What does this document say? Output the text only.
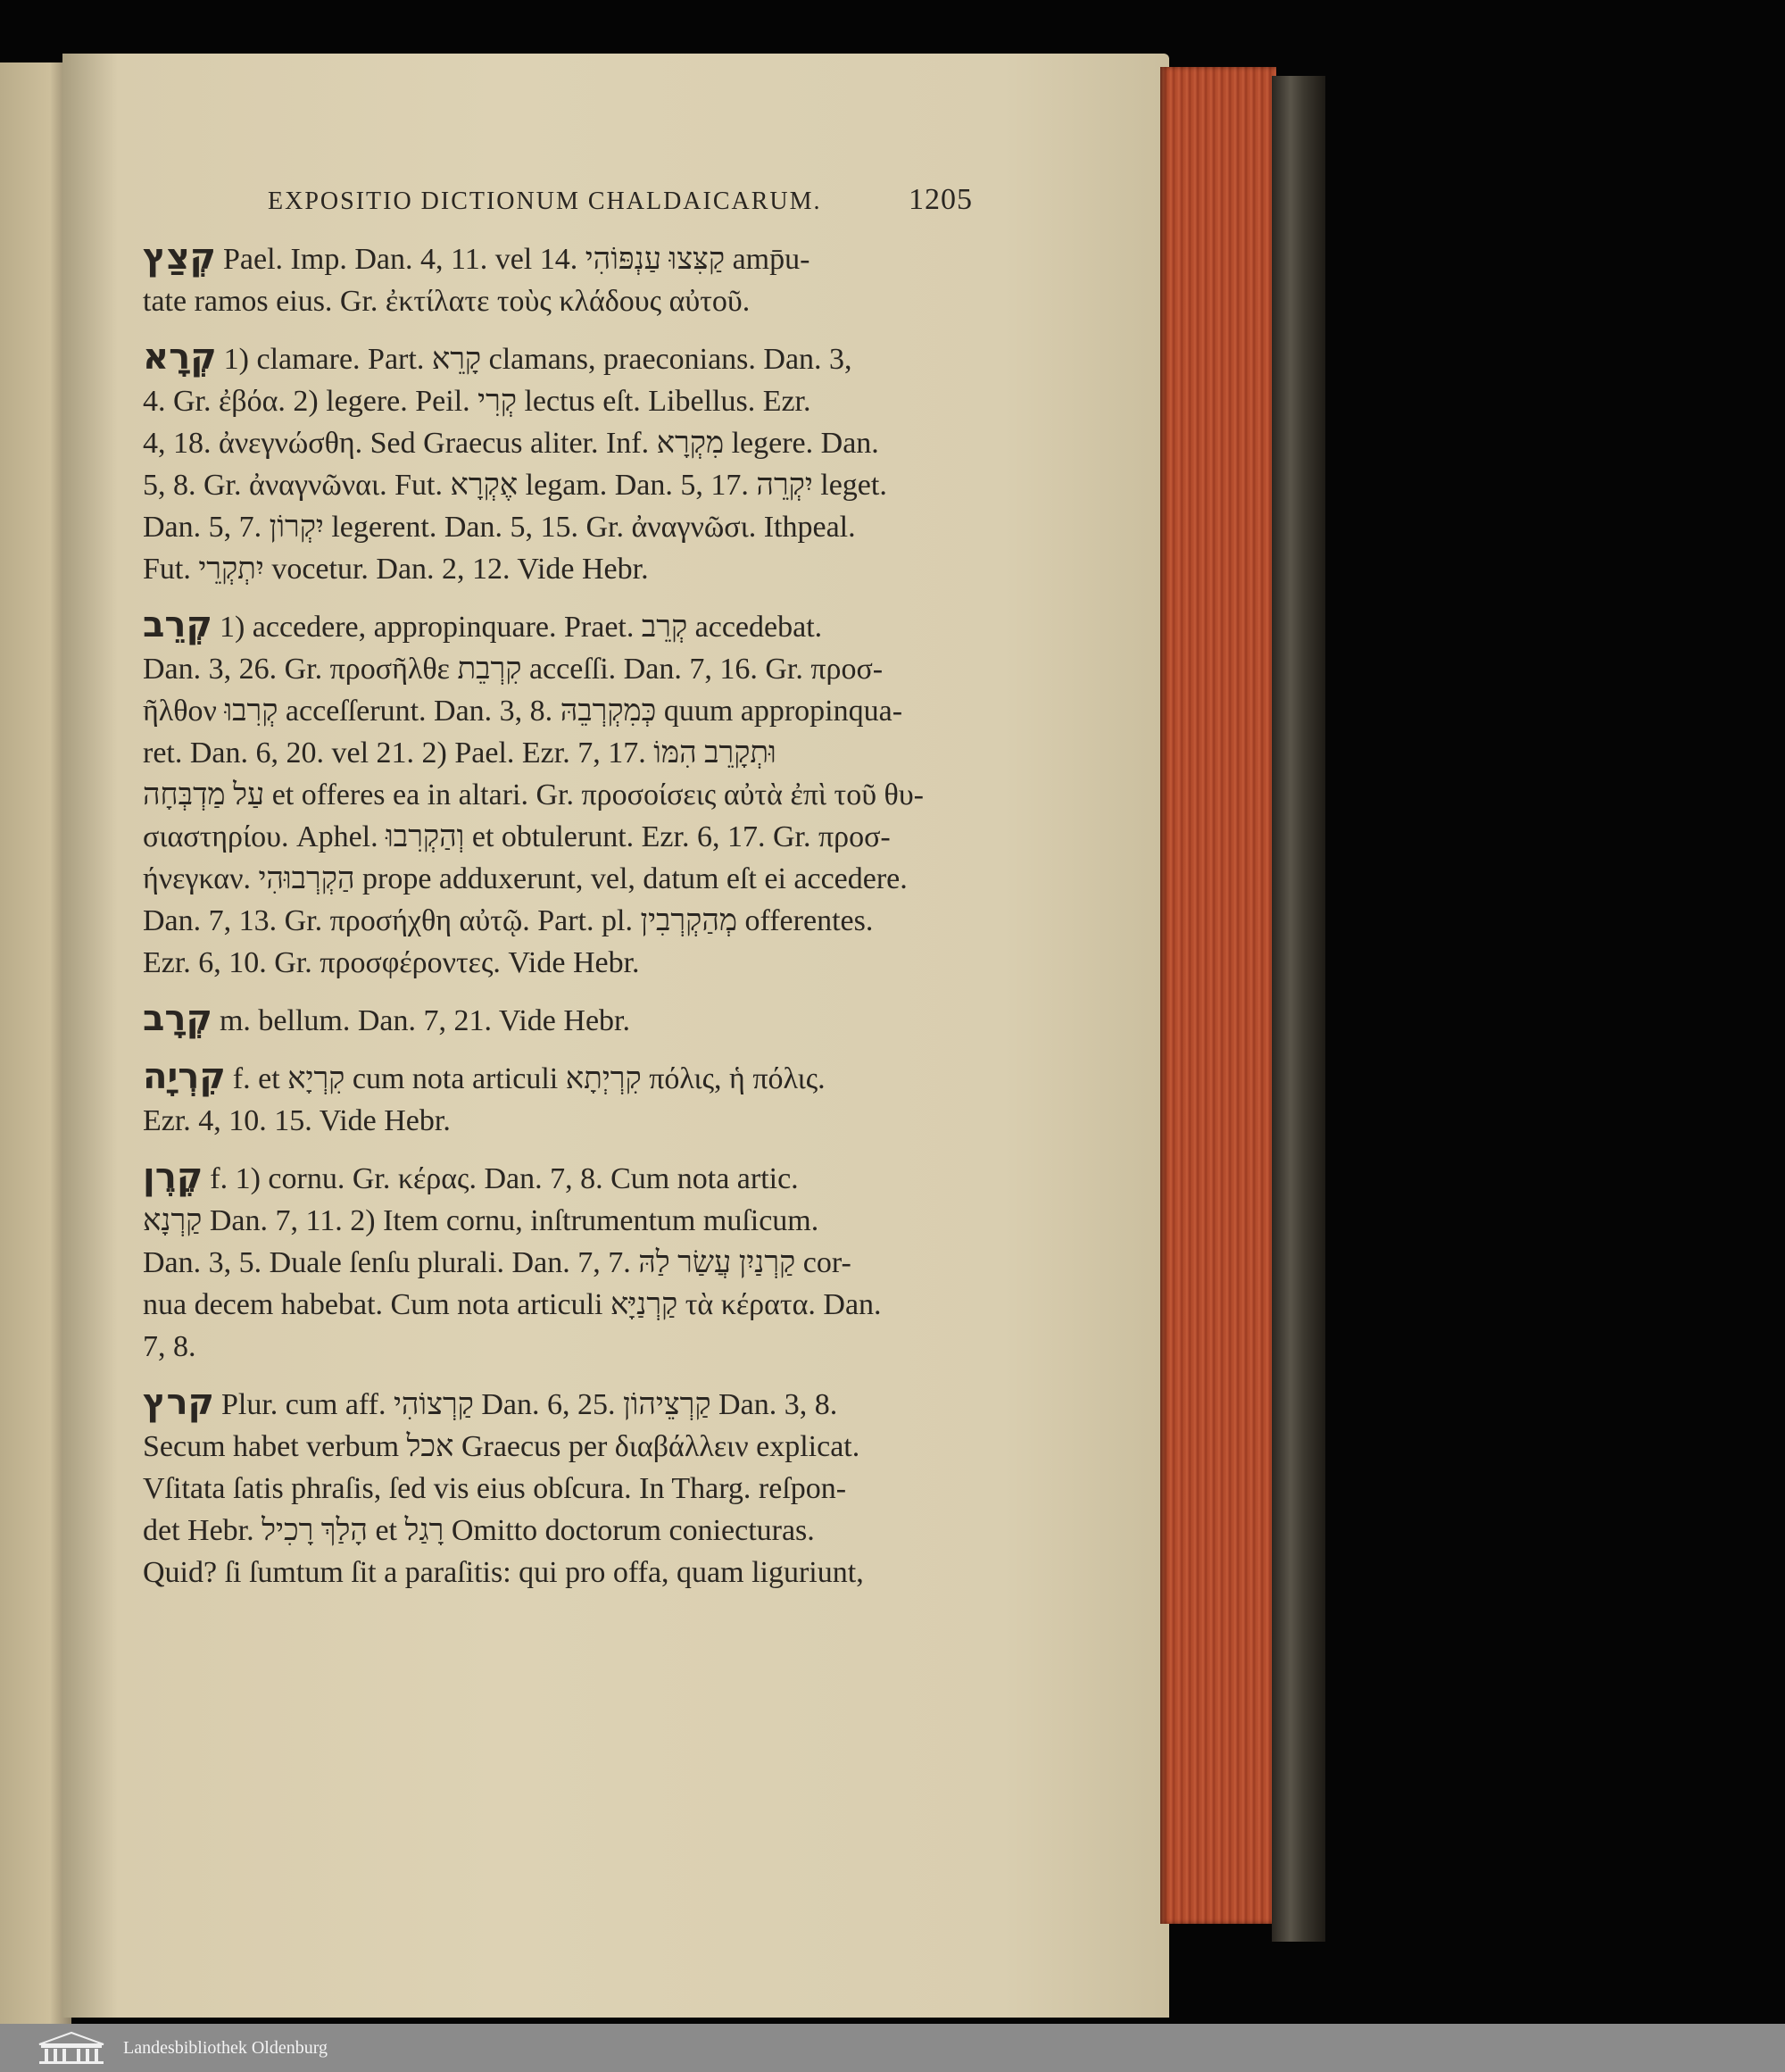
EXPOSITIO DICTIONUM CHALDAICARUM.	1205
קְצַץ Pael. Imp. Dan. 4, 11. vel 14. קַצִּצוּ עַנְפּוֹהִי amp̄u-
tate ramos eius. Gr. ἐκτίλατε τοὺς κλάδους αὐτοῦ.
קְרָא 1) clamare. Part. קָרֵא clamans, praeconians. Dan. 3,
4. Gr. ἐβόα. 2) legere. Peil. קְרִי lectus eſt. Libellus. Ezr.
4, 18. ἀνεγνώσθη. Sed Graecus aliter. Inf. מִקְרָא legere. Dan.
5, 8. Gr. ἀναγνῶναι. Fut. אֶקְרָא legam. Dan. 5, 17. יִקְרֵה leget.
Dan. 5, 7. יִקְרוֹן legerent. Dan. 5, 15. Gr. ἀναγνῶσι. Ithpeal.
Fut. יִתְקְרֵי vocetur. Dan. 2, 12. Vide Hebr.
קְרֵב 1) accedere, appropinquare. Praet. קְרֵב accedebat.
Dan. 3, 26. Gr. προσῆλθε קִרְבֵת acceſſi. Dan. 7, 16. Gr. προσ-
ῆλθον קְרִבוּ acceſſerunt. Dan. 3, 8. כְּמִקְרְבֵהּ quum appropinqua-
ret. Dan. 6, 20. vel 21. 2) Pael. Ezr. 7, 17. וּתְקָרֵב הִמּוֹ
עַל מַדְבְּחָה et offeres ea in altari. Gr. προσοίσεις αὐτὰ ἐπὶ τοῦ θυ-
σιαστηρίου. Aphel. וְהַקְרִבוּ et obtulerunt. Ezr. 6, 17. Gr. προσ-
ήνεγκαν. הַקְרְבוּהִי prope adduxerunt, vel, datum eſt ei accedere.
Dan. 7, 13. Gr. προσήχθη αὐτῷ. Part. pl. מְהַקְרְבִין offerentes.
Ezr. 6, 10. Gr. προσφέροντες. Vide Hebr.
קְרָב m. bellum. Dan. 7, 21. Vide Hebr.
קִרְיָה f. et קִרְיָא cum nota articuli קִרְיְתָא πόλις, ἡ πόλις.
Ezr. 4, 10. 15. Vide Hebr.
קֶרֶן f. 1) cornu. Gr. κέρας. Dan. 7, 8. Cum nota artic.
קַרְנָא Dan. 7, 11. 2) Item cornu, inſtrumentum muſicum.
Dan. 3, 5. Duale ſenſu plurali. Dan. 7, 7. קַרְנַיִן עֲשַׂר לַהּ cor-
nua decem habebat. Cum nota articuli קַרְנַיָּא τὰ κέρατα. Dan.
7, 8.
קרץ Plur. cum aff. קַרְצוֹהִי Dan. 6, 25. קַרְצֵיהוֹן Dan. 3, 8.
Secum habet verbum אכל Graecus per διαβάλλειν explicat.
Vſitata ſatis phraſis, ſed vis eius obſcura. In Tharg. reſpon-
det Hebr. הָלַךְ רָכִיל et רָגַל Omitto doctorum coniecturas.
Quid? ſi ſumtum ſit a paraſitis: qui pro offa, quam liguriunt,
Landesbibliothek Oldenburg
